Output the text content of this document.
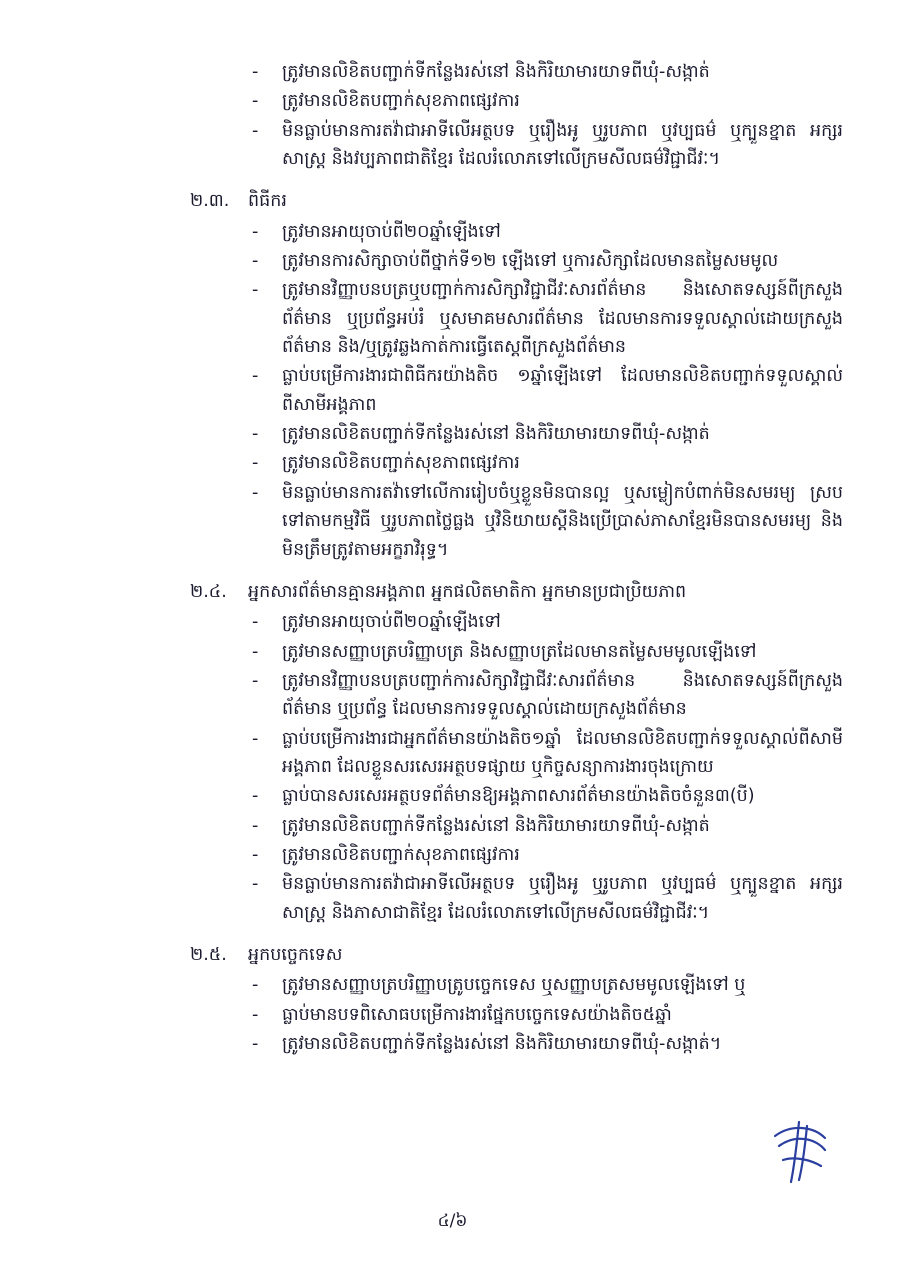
-	ត្រូវមានលិខិតបញ្ជាក់ទីកន្លែងរស់នៅ និងកិរិយាមារយាទពីឃុំ-សង្កាត់
-	ត្រូវមានលិខិតបញ្ជាក់សុខភាពផ្សេវការ
-	មិនធ្លាប់មានការតវ៉ាជាអាទីលើអត្ថបទ ឬរឿងអូ ឬរូបភាព ឬវប្បធម៌ ឬក្បួនខ្នាត អក្សរសាស្ត្រ និងវប្បភាពជាតិខ្មែរ ដែលរំលោភទៅលើក្រមសីលធម៌វិជ្ជាជីវៈ។
២.៣.	ពិធីករ
-	ត្រូវមានអាយុចាប់ពី២០ឆ្នាំឡើងទៅ
-	ត្រូវមានការសិក្សាចាប់ពីថ្នាក់ទី១២ ឡើងទៅ ឬការសិក្សាដែលមានតម្លៃសមមូល
-	ត្រូវមានវិញ្ញាបនបត្រឬបញ្ជាក់ការសិក្សាវិជ្ជាជីវៈសារព័ត៌មាន និងសោតទស្សន៍ពីក្រសួងព័ត៌មាន ឬប្រព័ន្ធអប់រំ ឬសមាគមសារព័ត៌មាន ដែលមានការទទួលស្គាល់ដោយក្រសួងព័ត៌មាន និង/ឬត្រូវឆ្លងកាត់ការធ្វើតេស្តពីក្រសួងព័ត៌មាន
-	ធ្លាប់បម្រើការងារជាពិធីករយ៉ាងតិច ១ឆ្នាំឡើងទៅ ដែលមានលិខិតបញ្ជាក់ទទួលស្គាល់ពីសាមីអង្គភាព
-	ត្រូវមានលិខិតបញ្ជាក់ទីកន្លែងរស់នៅ និងកិរិយាមារយាទពីឃុំ-សង្កាត់
-	ត្រូវមានលិខិតបញ្ជាក់សុខភាពផ្សេវការ
-	មិនធ្លាប់មានការតវ៉ាទៅលើការរៀបចំឬខ្លួនមិនបានល្អ ឬសម្លៀកបំពាក់មិនសមរម្យ ស្របទៅតាមកម្មវិធី ឬរូបភាពថ្លៃធ្លង ឬវិនិយាយស្តីនិងប្រើប្រាស់ភាសាខ្មែរមិនបានសមរម្យ និងមិនត្រឹមត្រូវតាមអក្ខរាវិរុទ្ធ។
២.៤.	អ្នកសារព័ត៌មានគ្មានអង្គភាព អ្នកផលិតមាតិកា អ្នកមានប្រជាប្រិយភាព
-	ត្រូវមានអាយុចាប់ពី២០ឆ្នាំឡើងទៅ
-	ត្រូវមានសញ្ញាបត្របរិញ្ញាបត្រ និងសញ្ញាបត្រដែលមានតម្លៃសមមូលឡើងទៅ
-	ត្រូវមានវិញ្ញាបនបត្របញ្ជាក់ការសិក្សាវិជ្ជាជីវៈសារព័ត៌មាន និងសោតទស្សន៍ពីក្រសួងព័ត៌មាន ឬប្រព័ន្ធ ដែលមានការទទួលស្គាល់ដោយក្រសួងព័ត៌មាន
-	ធ្លាប់បម្រើការងារជាអ្នកព័ត៌មានយ៉ាងតិច១ឆ្នាំ ដែលមានលិខិតបញ្ជាក់ទទួលស្គាល់ពីសាមីអង្គភាព ដែលខ្លួនសរសេរអត្ថបទផ្សាយ ឬកិច្ចសន្យាការងារចុងក្រោយ
-	ធ្លាប់បានសរសេរអត្ថបទព័ត៌មានឱ្យអង្គភាពសារព័ត៌មានយ៉ាងតិចចំនួន៣(បី)
-	ត្រូវមានលិខិតបញ្ជាក់ទីកន្លែងរស់នៅ និងកិរិយាមារយាទពីឃុំ-សង្កាត់
-	ត្រូវមានលិខិតបញ្ជាក់សុខភាពផ្សេវការ
-	មិនធ្លាប់មានការតវ៉ាជាអាទីលើអត្ថបទ ឬរឿងអូ ឬរូបភាព ឬវប្បធម៌ ឬក្បួនខ្នាត អក្សរសាស្ត្រ និងភាសាជាតិខ្មែរ ដែលរំលោភទៅលើក្រមសីលធម៌វិជ្ជាជីវៈ។
២.៥.	អ្នកបច្ចេកទេស
-	ត្រូវមានសញ្ញាបត្របរិញ្ញាបត្រូបច្ចេកទេស ឬសញ្ញាបត្រសមមូលឡើងទៅ ឬ
-	ធ្លាប់មានបទពិសោធបម្រើការងារផ្នែកបច្ចេកទេសយ៉ាងតិច៥ឆ្នាំ
-	ត្រូវមានលិខិតបញ្ជាក់ទីកន្លែងរស់នៅ និងកិរិយាមារយាទពីឃុំ-សង្កាត់។
៤/៦
